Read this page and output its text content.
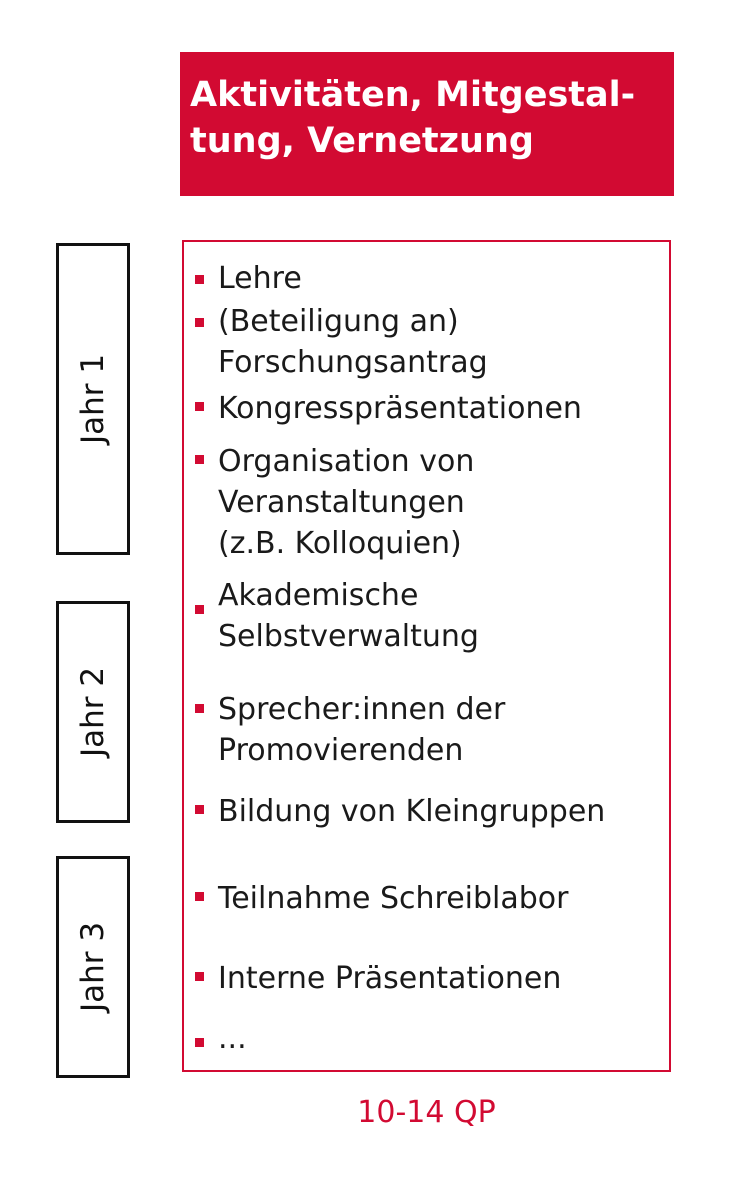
Aktivitäten, Mitgestal-
tung, Vernetzung
Jahr 1
Jahr 2
Jahr 3
Lehre
(Beteiligung an)
Forschungsantrag
Kongresspräsentationen
Organisation von
Veranstaltungen
(z.B. Kolloquien)
Akademische
Selbstverwaltung
Sprecher:innen der
Promovierenden
Bildung von Kleingruppen
Teilnahme Schreiblabor
Interne Präsentationen
...
10-14 QP
